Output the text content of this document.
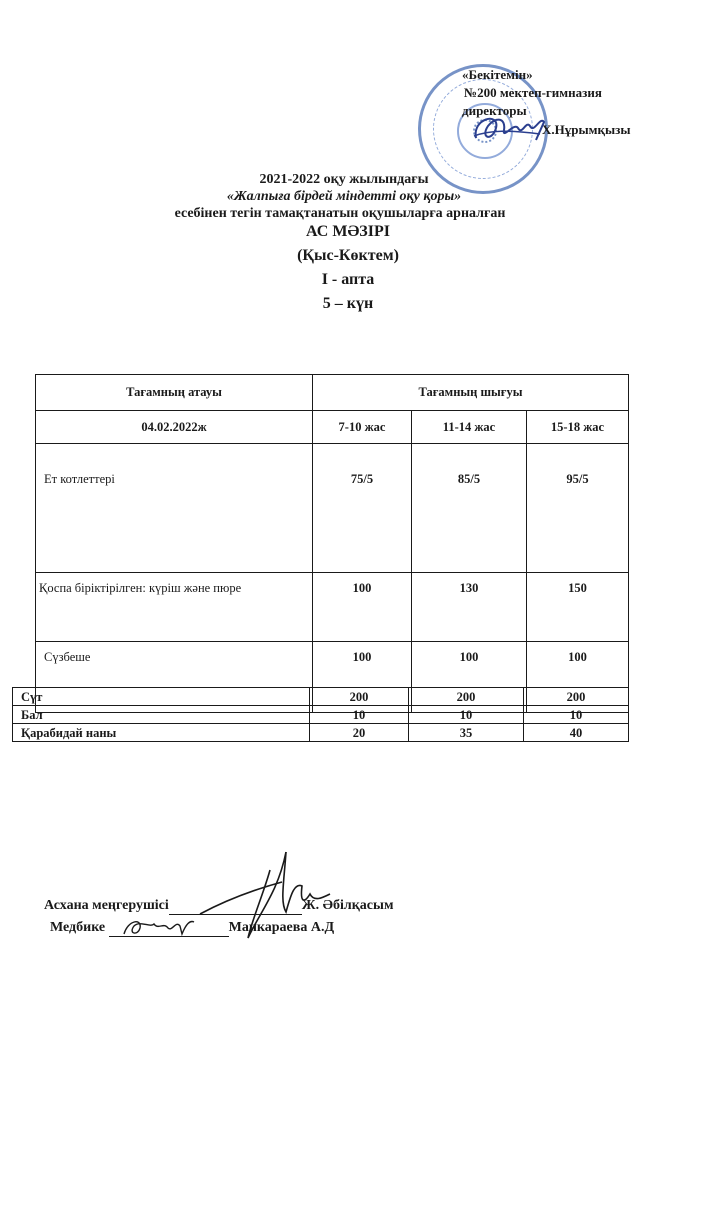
«Бекітемін»
№200 мектеп-гимназия
директоры
Х.Нұрымқызы
2021-2022 оқу жылындағы
«Жалпыға бірдей міндетті оқу қоры»
есебінен тегін тамақтанатын оқушыларға арналған
АС МӘЗІРІ
(Қыс-Көктем)
I - апта
5 – күн
Тағамның атауы	Тағамның шығуы		
04.02.2022ж	7-10 жас	11-14 жас	15-18 жас
Ет котлеттері	75/5	85/5	95/5
Қоспа біріктірілген: күріш және пюре	100	130	150
Сүзбеше	100	100	100
Сүт	200	200	200
Бал	10	10	10
Қарабидай наны	20	35	40
Асхана меңгерушісі	Ж. Әбілқасым
Медбике	Манкараева А.Д
